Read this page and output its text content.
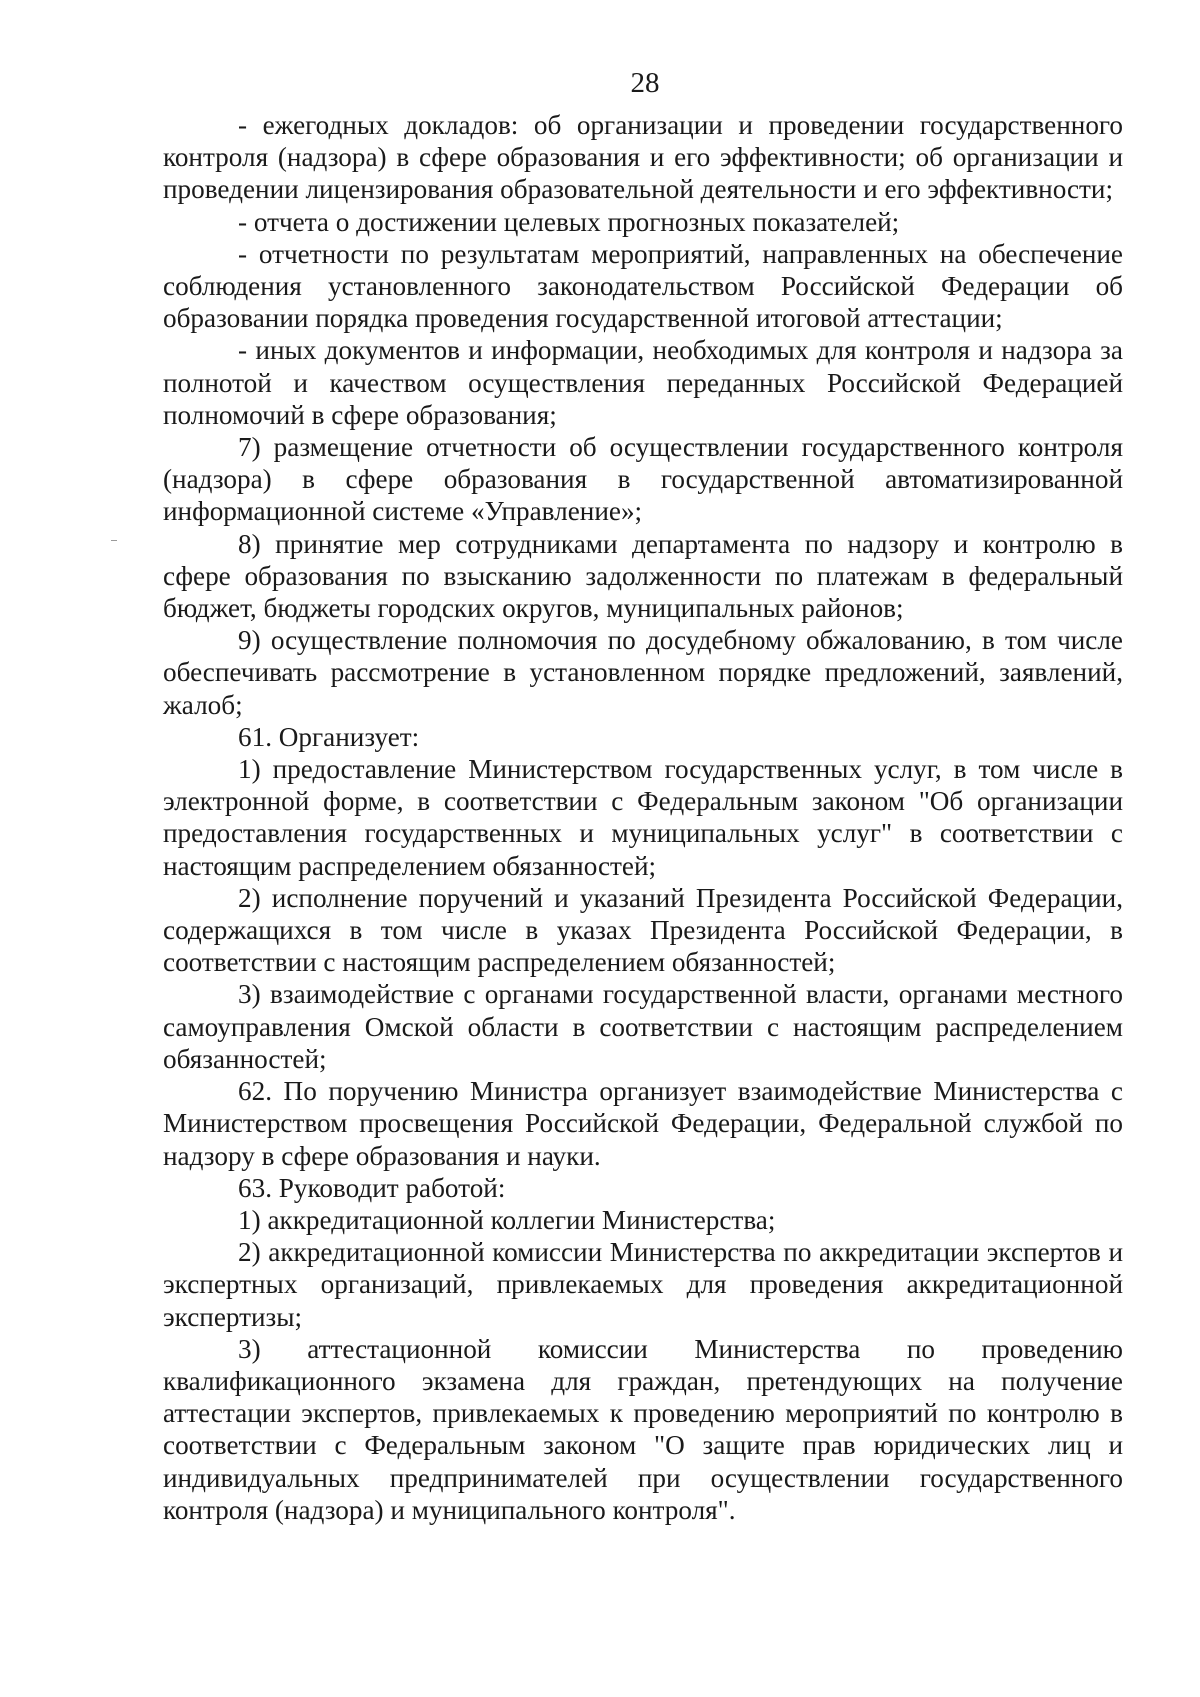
28

- ежегодных докладов: об организации и проведении государственного контроля (надзора) в сфере образования и его эффективности; об организации и проведении лицензирования образовательной деятельности и его эффективности;

- отчета о достижении целевых прогнозных показателей;

- отчетности по результатам мероприятий, направленных на обеспечение соблюдения установленного законодательством Российской Федерации об образовании порядка проведения государственной итоговой аттестации;

- иных документов и информации, необходимых для контроля и надзора за полнотой и качеством осуществления переданных Российской Федерацией полномочий в сфере образования;

7) размещение отчетности об осуществлении государственного контроля (надзора) в сфере образования в государственной автоматизированной информационной системе «Управление»;

8) принятие мер сотрудниками департамента по надзору и контролю в сфере образования по взысканию задолженности по платежам в федеральный бюджет, бюджеты городских округов, муниципальных районов;

9) осуществление полномочия по досудебному обжалованию, в том числе обеспечивать рассмотрение в установленном порядке предложений, заявлений, жалоб;

61. Организует:

1) предоставление Министерством государственных услуг, в том числе в электронной форме, в соответствии с Федеральным законом "Об организации предоставления государственных и муниципальных услуг" в соответствии с настоящим распределением обязанностей;

2) исполнение поручений и указаний Президента Российской Федерации, содержащихся в том числе в указах Президента Российской Федерации, в соответствии с настоящим распределением обязанностей;

3) взаимодействие с органами государственной власти, органами местного самоуправления Омской области в соответствии с настоящим распределением обязанностей;

62. По поручению Министра организует взаимодействие Министерства с Министерством просвещения Российской Федерации, Федеральной службой по надзору в сфере образования и науки.

63. Руководит работой:

1) аккредитационной коллегии Министерства;

2) аккредитационной комиссии Министерства по аккредитации экспертов и экспертных организаций, привлекаемых для проведения аккредитационной экспертизы;

3) аттестационной комиссии Министерства по проведению квалификационного экзамена для граждан, претендующих на получение аттестации экспертов, привлекаемых к проведению мероприятий по контролю в соответствии с Федеральным законом "О защите прав юридических лиц и индивидуальных предпринимателей при осуществлении государственного контроля (надзора) и муниципального контроля".
